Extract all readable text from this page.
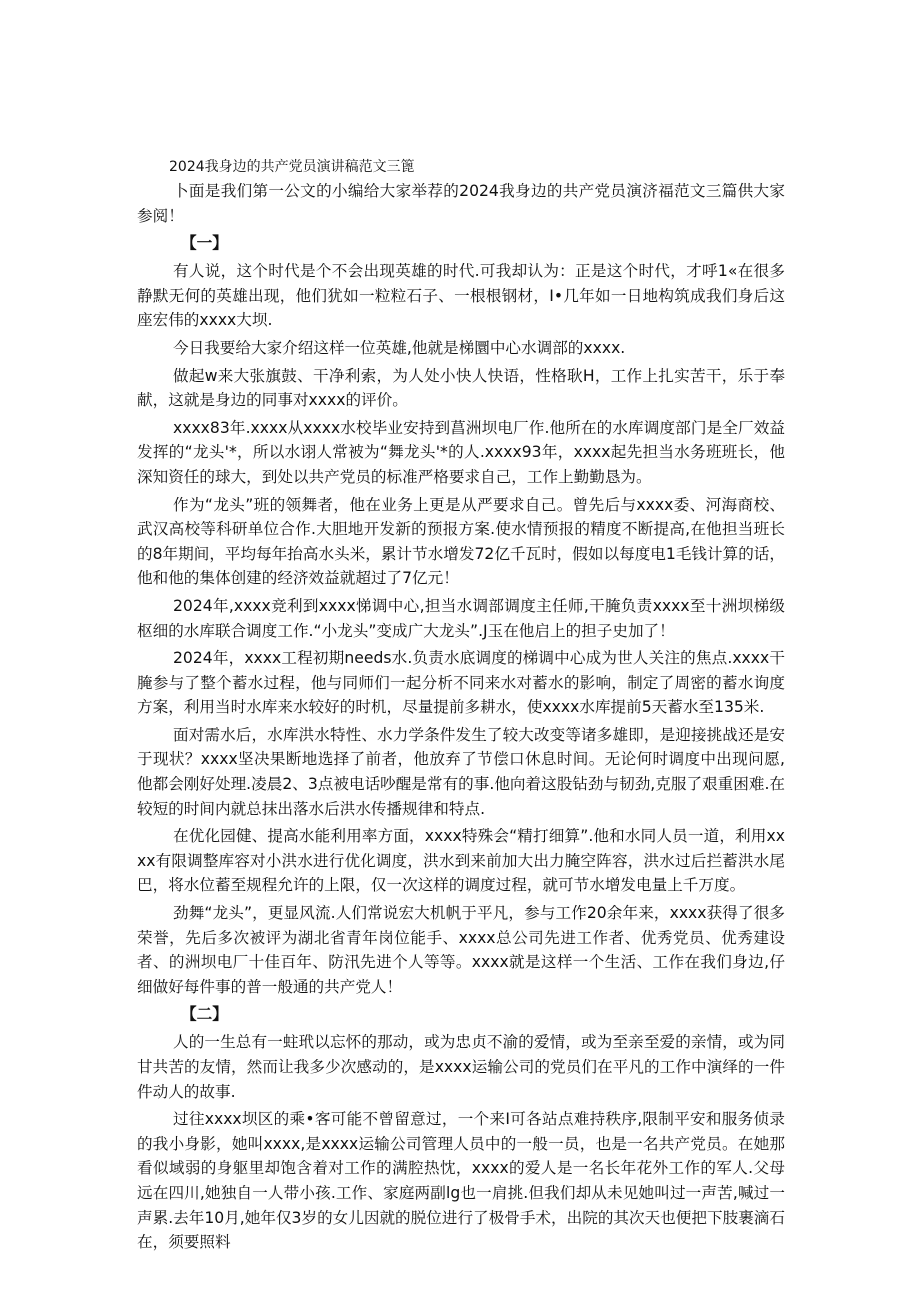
2024我身边的共产党员演讲稿范文三篦

卜面是我们第一公文的小编给大家举荐的2024我身边的共产党员演济福范文三篇供大家参阅！

【一】

有人说，这个时代是个不会出现英雄的时代.可我却认为：正是这个时代，才呼1«在很多静默无何的英雄出现，他们犹如一粒粒石子、一根根钢材，I•几年如一日地构筑成我们身后这座宏伟的xxxx大坝.

今日我要给大家介绍这样一位英雄,他就是梯圜中心水调部的xxxx.

做起w来大张旗鼓、干净利索，为人处小快人快语，性格耿H，工作上扎实苦干，乐于奉献，这就是身边的同事对xxxx的评价。

xxxx83年.xxxx从xxxx水校毕业安持到菖洲坝电厂作.他所在的水库调度部门是全厂效益发挥的“龙头'*，所以水诩人常被为“舞龙头'*的人.xxxx93年，xxxx起先担当水务班班长，他深知资任的球大，到处以共产党员的标准严格要求自己，工作上勤勤恳为。

作为“龙头”班的领舞者，他在业务上更是从严要求自己。曾先后与xxxx委、河海商校、武汉高校等科研单位合作.大胆地开发新的预报方案.使水情预报的精度不断提高,在他担当班长的8年期间，平均每年抬高水头米，累计节水增发72亿千瓦时，假如以每度电1毛钱计算的话，他和他的集体创建的经济效益就超过了7亿元！

2024年,xxxx竞利到xxxx悌调中心,担当水调部调度主任师,干腌负责xxxx至十洲坝梯级枢细的水库联合调度工作.“小龙头”变成广大龙头”.J玉在他启上的担子史加了！

2024年，xxxx工程初期needs水.负责水底调度的梯调中心成为世人关注的焦点.xxxx干腌参与了整个蓄水过程，他与同师们一起分析不同来水对蓄水的影响，制定了周密的蓄水询度方案，利用当时水库来水较好的时机，尽量提前多耕水，使xxxx水库提前5天蓄水至135米.

面对需水后，水库洪水特性、水力学条件发生了较大改变等诸多雄即，是迎接挑战还是安于现状？xxxx坚决果断地选择了前者，他放弃了节偿口休息时间。无论何时调度中出现问愿,他都会刚好处理.凌晨2、3点被电话吵醒是常有的事.他向着这股钻劲与韧劲,克服了艰重困难.在较短的时间内就总抹出落水后洪水传播规律和特点.

在优化园健、提高水能利用率方面，xxxx特殊会“精打细算”.他和水同人员一道，利用xxxx有限调整库容对小洪水进行优化调度，洪水到来前加大出力腌空阵容，洪水过后拦蓄洪水尾巴，将水位蓄至规程允许的上限，仅一次这样的调度过程，就可节水增发电量上千万度。

劲舞“龙头”，更显风流.人们常说宏大机帆于平凡，参与工作20余年来，xxxx获得了很多荣誉，先后多次被评为湖北省青年岗位能手、xxxx总公司先进工作者、优秀党员、优秀建设者、的洲坝电厂十佳百年、防汛先进个人等等。xxxx就是这样一个生活、工作在我们身边,仔细做好每件事的普一般通的共产党人！

【二】

人的一生总有一蛀玳以忘怀的那动，或为忠贞不渝的爱情，或为至亲至爱的亲情，或为同甘共苦的友情，然而让我多少次感动的，是xxxx运输公司的党员们在平凡的工作中演绎的一件件动人的故事.

过往xxxx坝区的乘•客可能不曾留意过，一个来I可各站点难持秩序,限制平安和服务侦录的我小身影，她叫xxxx,是xxxx运输公司管理人员中的一般一员，也是一名共产党员。在她那看似域弱的身躯里却饱含着对工作的满腔热忱，xxxx的爱人是一名长年花外工作的军人.父母远在四川,她独自一人带小孩.工作、家庭两副lg也一肩挑.但我们却从未见她叫过一声苦,喊过一声累.去年10月,她年仅3岁的女儿因就的脱位进行了极骨手术，出院的其次天也便把下肢裹滴石在，须要照料
